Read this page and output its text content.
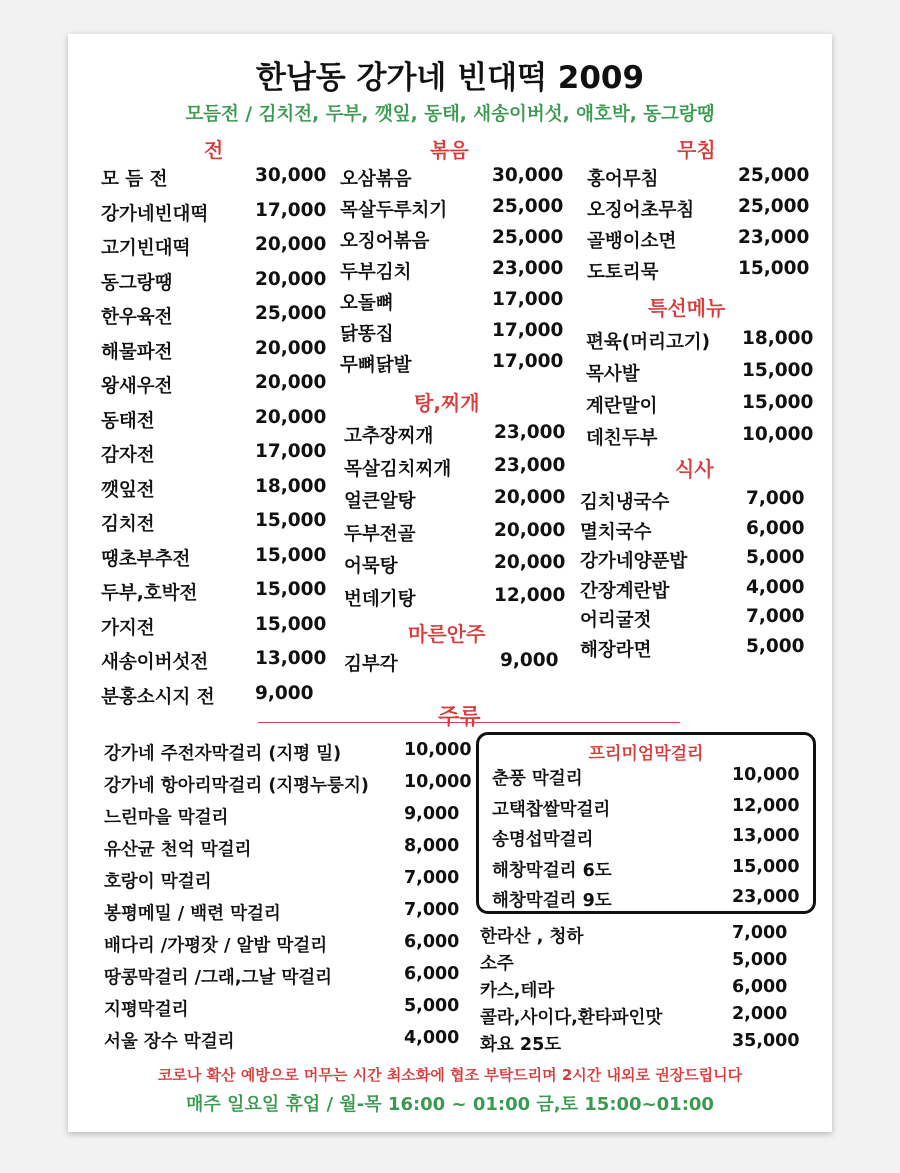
한남동 강가네 빈대떡 2009
모듬전 / 김치전, 두부, 깻잎, 동태, 새송이버섯, 애호박, 동그랑땡
전
모 듬 전	30,000
강가네빈대떡	17,000
고기빈대떡	20,000
동그랑땡	20,000
한우육전	25,000
해물파전	20,000
왕새우전	20,000
동태전	20,000
감자전	17,000
깻잎전	18,000
김치전	15,000
땡초부추전	15,000
두부,호박전	15,000
가지전	15,000
새송이버섯전	13,000
분홍소시지 전 9,000
볶음
오삼볶음	30,000
목살두루치기 25,000
오징어볶음	25,000
두부김치	23,000
오돌뼈	17,000
닭똥집	17,000
무뼈닭발	17,000
탕,찌개
고추장찌개	23,000
목살김치찌개 23,000
얼큰알탕	20,000
두부전골	20,000
어묵탕	20,000
번데기탕	12,000
마른안주
김부각	9,000
무침
홍어무침	25,000
오징어초무침 25,000
골뱅이소면	23,000
도토리묵	15,000
특선메뉴
편육(머리고기) 18,000
목사발	15,000
계란말이	15,000
데친두부	10,000
식사
김치냉국수	7,000
멸치국수	6,000
강가네양푼밥	5,000
간장계란밥	4,000
어리굴젓	7,000
해장라면	5,000
주류
강가네 주전자막걸리 (지평 밀)	10,000
강가네 항아리막걸리 (지평누룽지) 10,000
느린마을 막걸리	9,000
유산균 천억 막걸리	8,000
호랑이 막걸리	7,000
봉평메밀 / 백련 막걸리	7,000
배다리 /가평잣 / 알밤 막걸리	6,000
땅콩막걸리 /그래,그날 막걸리	6,000
지평막걸리	5,000
서울 장수 막걸리	4,000
프리미엄막걸리
춘풍 막걸리	10,000
고택찹쌀막걸리	12,000
송명섭막걸리	13,000
해창막걸리 6도	15,000
해창막걸리 9도	23,000
한라산 , 청하	7,000
소주	5,000
카스,테라	6,000
콜라,사이다,환타파인맛	2,000
화요 25도	35,000
코로나 확산 예방으로 머무는 시간 최소화에 협조 부탁드리며 2시간 내외로 권장드립니다
매주 일요일 휴업 / 월-목 16:00 ~ 01:00 금,토 15:00~01:00
